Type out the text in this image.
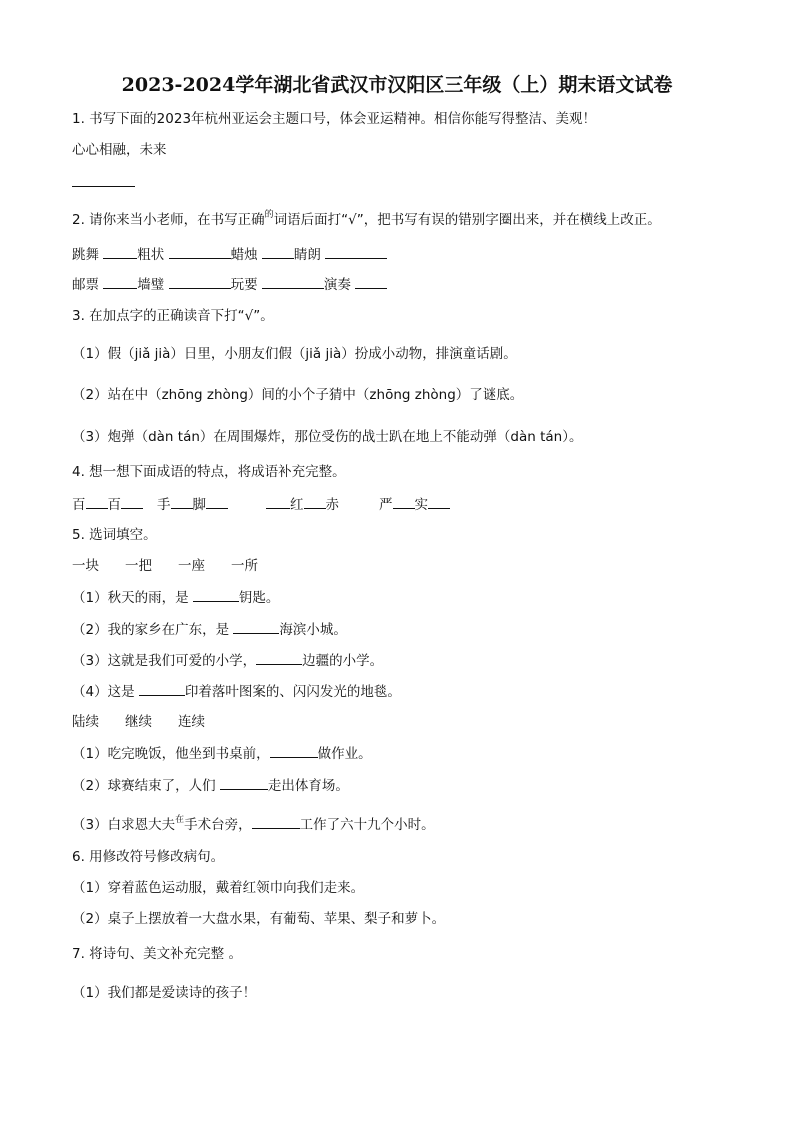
2023-2024学年湖北省武汉市汉阳区三年级（上）期末语文试卷
1. 书写下面的2023年杭州亚运会主题口号，体会亚运精神。相信你能写得整洁、美观！
心心相融，未来
2. 请你来当小老师，在书写正确$^的$词语后面打“√”，把书写有误的错别字圈出来，并在横线上改正。
跳舞	粗状	蜡烛	睛朗
邮票	墙璧	玩要	演奏
3. 在加点字的正确读音下打“√”。
（1）假（jiǎ jià）日里，小朋友们假（jiǎ jià）扮成小动物，排演童话剧。
（2）站在中（zhōng zhòng）间的小个子猜中（zhōng zhòng）了谜底。
（3）炮弹（dàn tán）在周围爆炸，那位受伤的战士趴在地上不能动弹（dàn tán）。
4. 想一想下面成语的特点，将成语补充完整。
百 百	手 脚	红 赤	严 实
5. 选词填空。
一块 一把 一座 一所
（1）秋天的雨，是	钥匙。
（2）我的家乡在广东，是	海滨小城。
（3）这就是我们可爱的小学，	边疆的小学。
（4）这是	印着落叶图案的、闪闪发光的地毯。
陆续 继续 连续
（1）吃完晚饭，他坐到书桌前，	做作业。
（2）球赛结束了，人们	走出体育场。
（3）白求恩大夫$^在$手术台旁，	工作了六十九个小时。
6. 用修改符号修改病句。
（1）穿着蓝色运动服，戴着红领巾向我们走来。
（2）桌子上摆放着一大盘水果，有葡萄、苹果、梨子和萝卜。
7. 将诗句、美文补充完整 。
（1）我们都是爱读诗的孩子！
